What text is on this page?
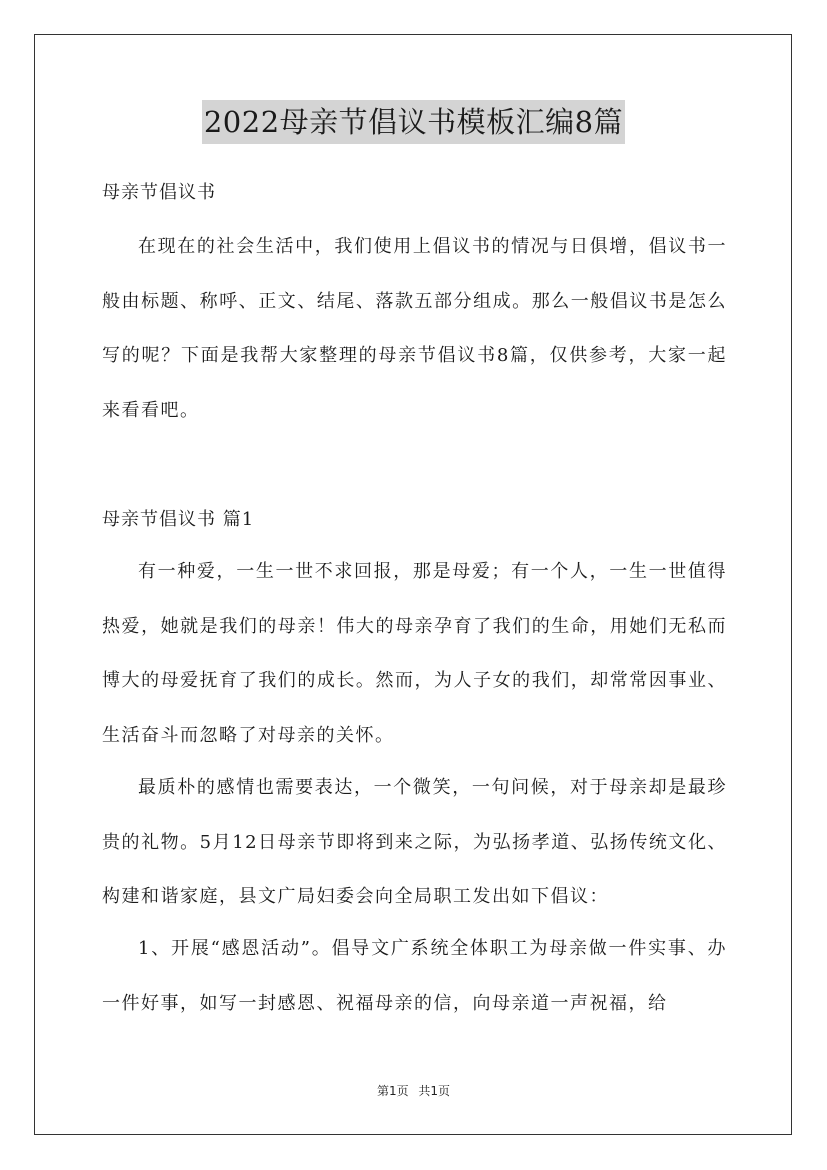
2022母亲节倡议书模板汇编8篇
母亲节倡议书

在现在的社会生活中，我们使用上倡议书的情况与日俱增，倡议书一般由标题、称呼、正文、结尾、落款五部分组成。那么一般倡议书是怎么写的呢？下面是我帮大家整理的母亲节倡议书8篇，仅供参考，大家一起来看看吧。

母亲节倡议书 篇1

有一种爱，一生一世不求回报，那是母爱；有一个人，一生一世值得热爱，她就是我们的母亲！伟大的母亲孕育了我们的生命，用她们无私而博大的母爱抚育了我们的成长。然而，为人子女的我们，却常常因事业、生活奋斗而忽略了对母亲的关怀。

最质朴的感情也需要表达，一个微笑，一句问候，对于母亲却是最珍贵的礼物。5月12日母亲节即将到来之际，为弘扬孝道、弘扬传统文化、构建和谐家庭，县文广局妇委会向全局职工发出如下倡议：

1、开展“感恩活动”。倡导文广系统全体职工为母亲做一件实事、办一件好事，如写一封感恩、祝福母亲的信，向母亲道一声祝福，给

第1页 共1页
